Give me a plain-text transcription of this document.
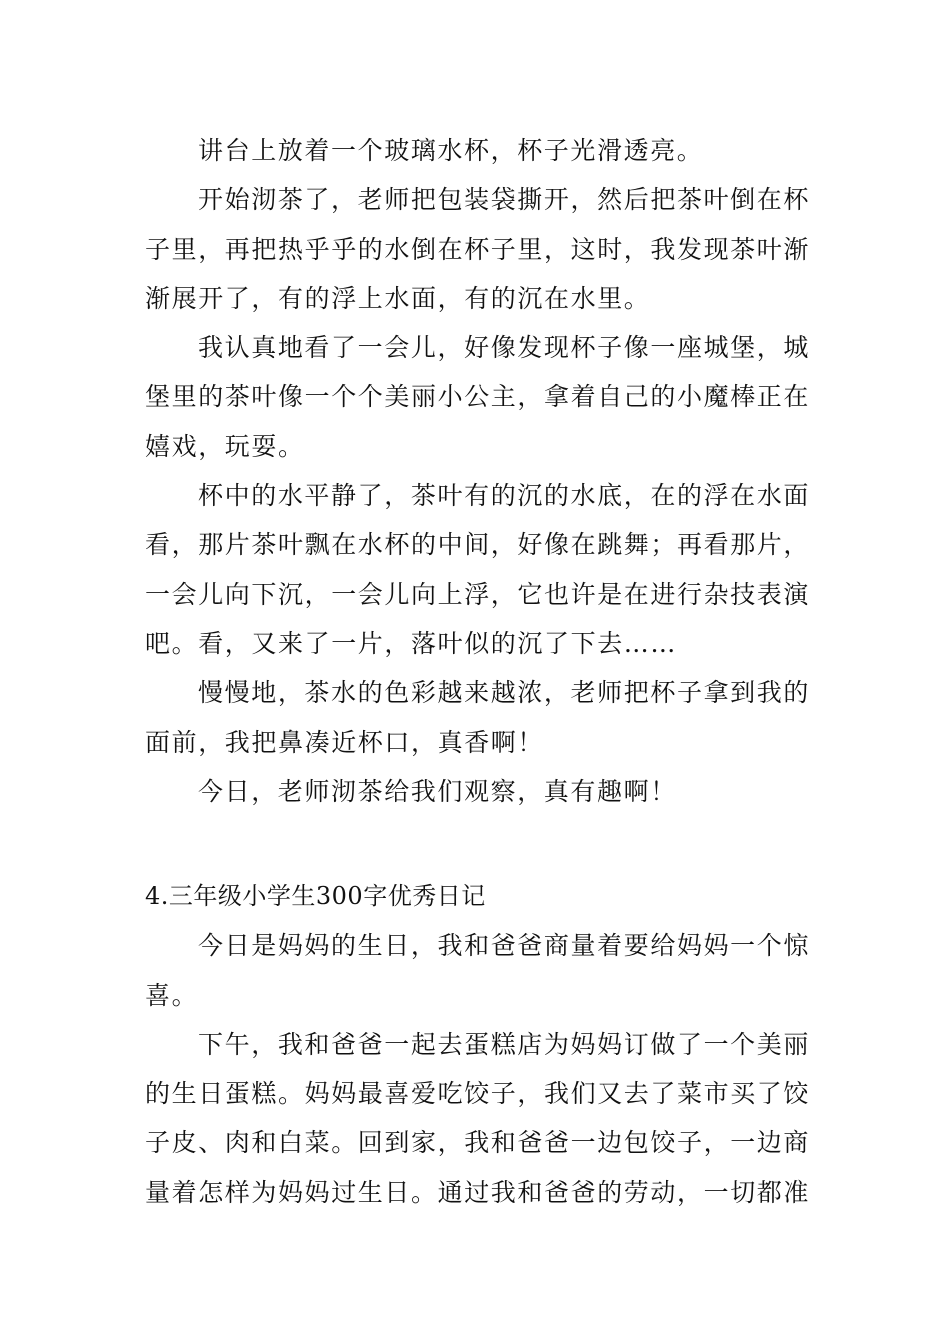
讲台上放着一个玻璃水杯，杯子光滑透亮。

开始沏茶了，老师把包装袋撕开，然后把茶叶倒在杯子里，再把热乎乎的水倒在杯子里，这时，我发现茶叶渐渐展开了，有的浮上水面，有的沉在水里。

我认真地看了一会儿，好像发现杯子像一座城堡，城堡里的茶叶像一个个美丽小公主，拿着自己的小魔棒正在嬉戏，玩耍。

杯中的水平静了，茶叶有的沉的水底，在的浮在水面看，那片茶叶飘在水杯的中间，好像在跳舞；再看那片，一会儿向下沉，一会儿向上浮，它也许是在进行杂技表演吧。看，又来了一片，落叶似的沉了下去……

慢慢地，茶水的色彩越来越浓，老师把杯子拿到我的面前，我把鼻凑近杯口，真香啊！

今日，老师沏茶给我们观察，真有趣啊！

4.三年级小学生300字优秀日记

今日是妈妈的生日，我和爸爸商量着要给妈妈一个惊喜。

下午，我和爸爸一起去蛋糕店为妈妈订做了一个美丽的生日蛋糕。妈妈最喜爱吃饺子，我们又去了菜市买了饺子皮、肉和白菜。回到家，我和爸爸一边包饺子，一边商量着怎样为妈妈过生日。通过我和爸爸的劳动，一切都准
